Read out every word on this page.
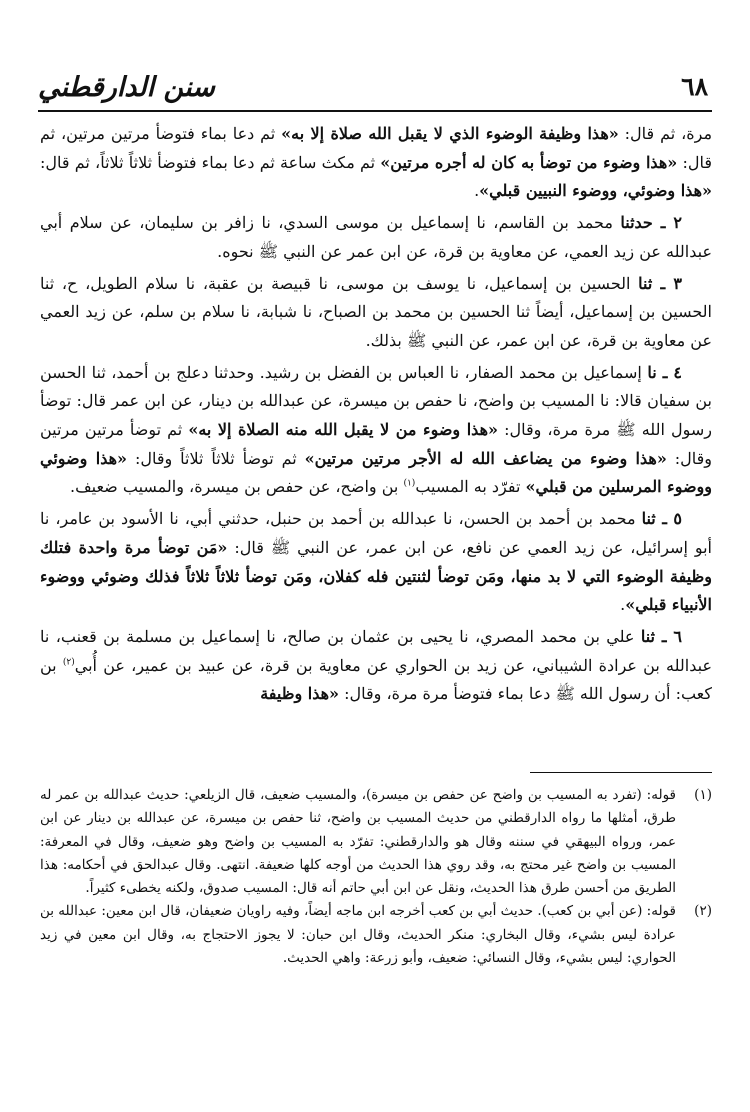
سنن الدارقطني	٦٨

مرة، ثم قال: «هذا وظيفة الوضوء الذي لا يقبل الله صلاة إلا به» ثم دعا بماء فتوضأ مرتين مرتين، ثم قال: «هذا وضوء من توضأ به كان له أجره مرتين» ثم مكث ساعة ثم دعا بماء فتوضأ ثلاثاً ثلاثاً، ثم قال: «هذا وضوئي، ووضوء النبيين قبلي».

٢ ـ حدثنا محمد بن القاسم، نا إسماعيل بن موسى السدي، نا زافر بن سليمان، عن سلام أبي عبدالله عن زيد العمي، عن معاوية بن قرة، عن ابن عمر عن النبي ﷺ نحوه.

٣ ـ ثنا الحسين بن إسماعيل، نا يوسف بن موسى، نا قبيصة بن عقبة، نا سلام الطويل، ح، ثنا الحسين بن إسماعيل، أيضاً ثنا الحسين بن محمد بن الصباح، نا شبابة، نا سلام بن سلم، عن زيد العمي عن معاوية بن قرة، عن ابن عمر، عن النبي ﷺ بذلك.

٤ ـ نا إسماعيل بن محمد الصفار، نا العباس بن الفضل بن رشيد. وحدثنا دعلج بن أحمد، ثنا الحسن بن سفيان قالا: نا المسيب بن واضح، نا حفص بن ميسرة، عن عبدالله بن دينار، عن ابن عمر قال: توضأ رسول الله ﷺ مرة مرة، وقال: «هذا وضوء من لا يقبل الله منه الصلاة إلا به» ثم توضأ مرتين مرتين وقال: «هذا وضوء من يضاعف الله له الأجر مرتين مرتين» ثم توضأ ثلاثاً ثلاثاً وقال: «هذا وضوئي ووضوء المرسلين من قبلي» تفرّد به المسيب$^{(١)}$ بن واضح، عن حفص بن ميسرة، والمسيب ضعيف.

٥ ـ ثنا محمد بن أحمد بن الحسن، نا عبدالله بن أحمد بن حنبل، حدثني أبي، نا الأسود بن عامر، نا أبو إسرائيل، عن زيد العمي عن نافع، عن ابن عمر، عن النبي ﷺ قال: «مَن توضأ مرة واحدة فتلك وظيفة الوضوء التي لا بد منها، ومَن توضأ لثنتين فله كفلان، ومَن توضأ ثلاثاً ثلاثاً فذلك وضوئي ووضوء الأنبياء قبلي».

٦ ـ ثنا علي بن محمد المصري، نا يحيى بن عثمان بن صالح، نا إسماعيل بن مسلمة بن قعنب، نا عبدالله بن عرادة الشيباني، عن زيد بن الحواري عن معاوية بن قرة، عن عبيد بن عمير، عن أُبي$^{(٢)}$ بن كعب: أن رسول الله ﷺ دعا بماء فتوضأ مرة مرة، وقال: «هذا وظيفة

(١)
قوله: (تفرد به المسيب بن واضح عن حفص بن ميسرة)، والمسيب ضعيف، قال الزيلعي: حديث عبدالله بن عمر له طرق، أمثلها ما رواه الدارقطني من حديث المسيب بن واضح، ثنا حفص بن ميسرة، عن عبدالله بن دينار عن ابن عمر، ورواه البيهقي في سننه وقال هو والدارقطني: تفرّد به المسيب بن واضح وهو ضعيف، وقال في المعرفة: المسيب بن واضح غير محتج به، وقد روي هذا الحديث من أوجه كلها ضعيفة. انتهى. وقال عبدالحق في أحكامه: هذا الطريق من أحسن طرق هذا الحديث، ونقل عن ابن أبي حاتم أنه قال: المسيب صدوق، ولكنه يخطىء كثيراً.

(٢)
قوله: (عن أبي بن كعب). حديث أبي بن كعب أخرجه ابن ماجه أيضاً، وفيه راويان ضعيفان، قال ابن معين: عبدالله بن عرادة ليس بشيء، وقال البخاري: منكر الحديث، وقال ابن حبان: لا يجوز الاحتجاج به، وقال ابن معين في زيد الحواري: ليس بشيء، وقال النسائي: ضعيف، وأبو زرعة: واهي الحديث.
